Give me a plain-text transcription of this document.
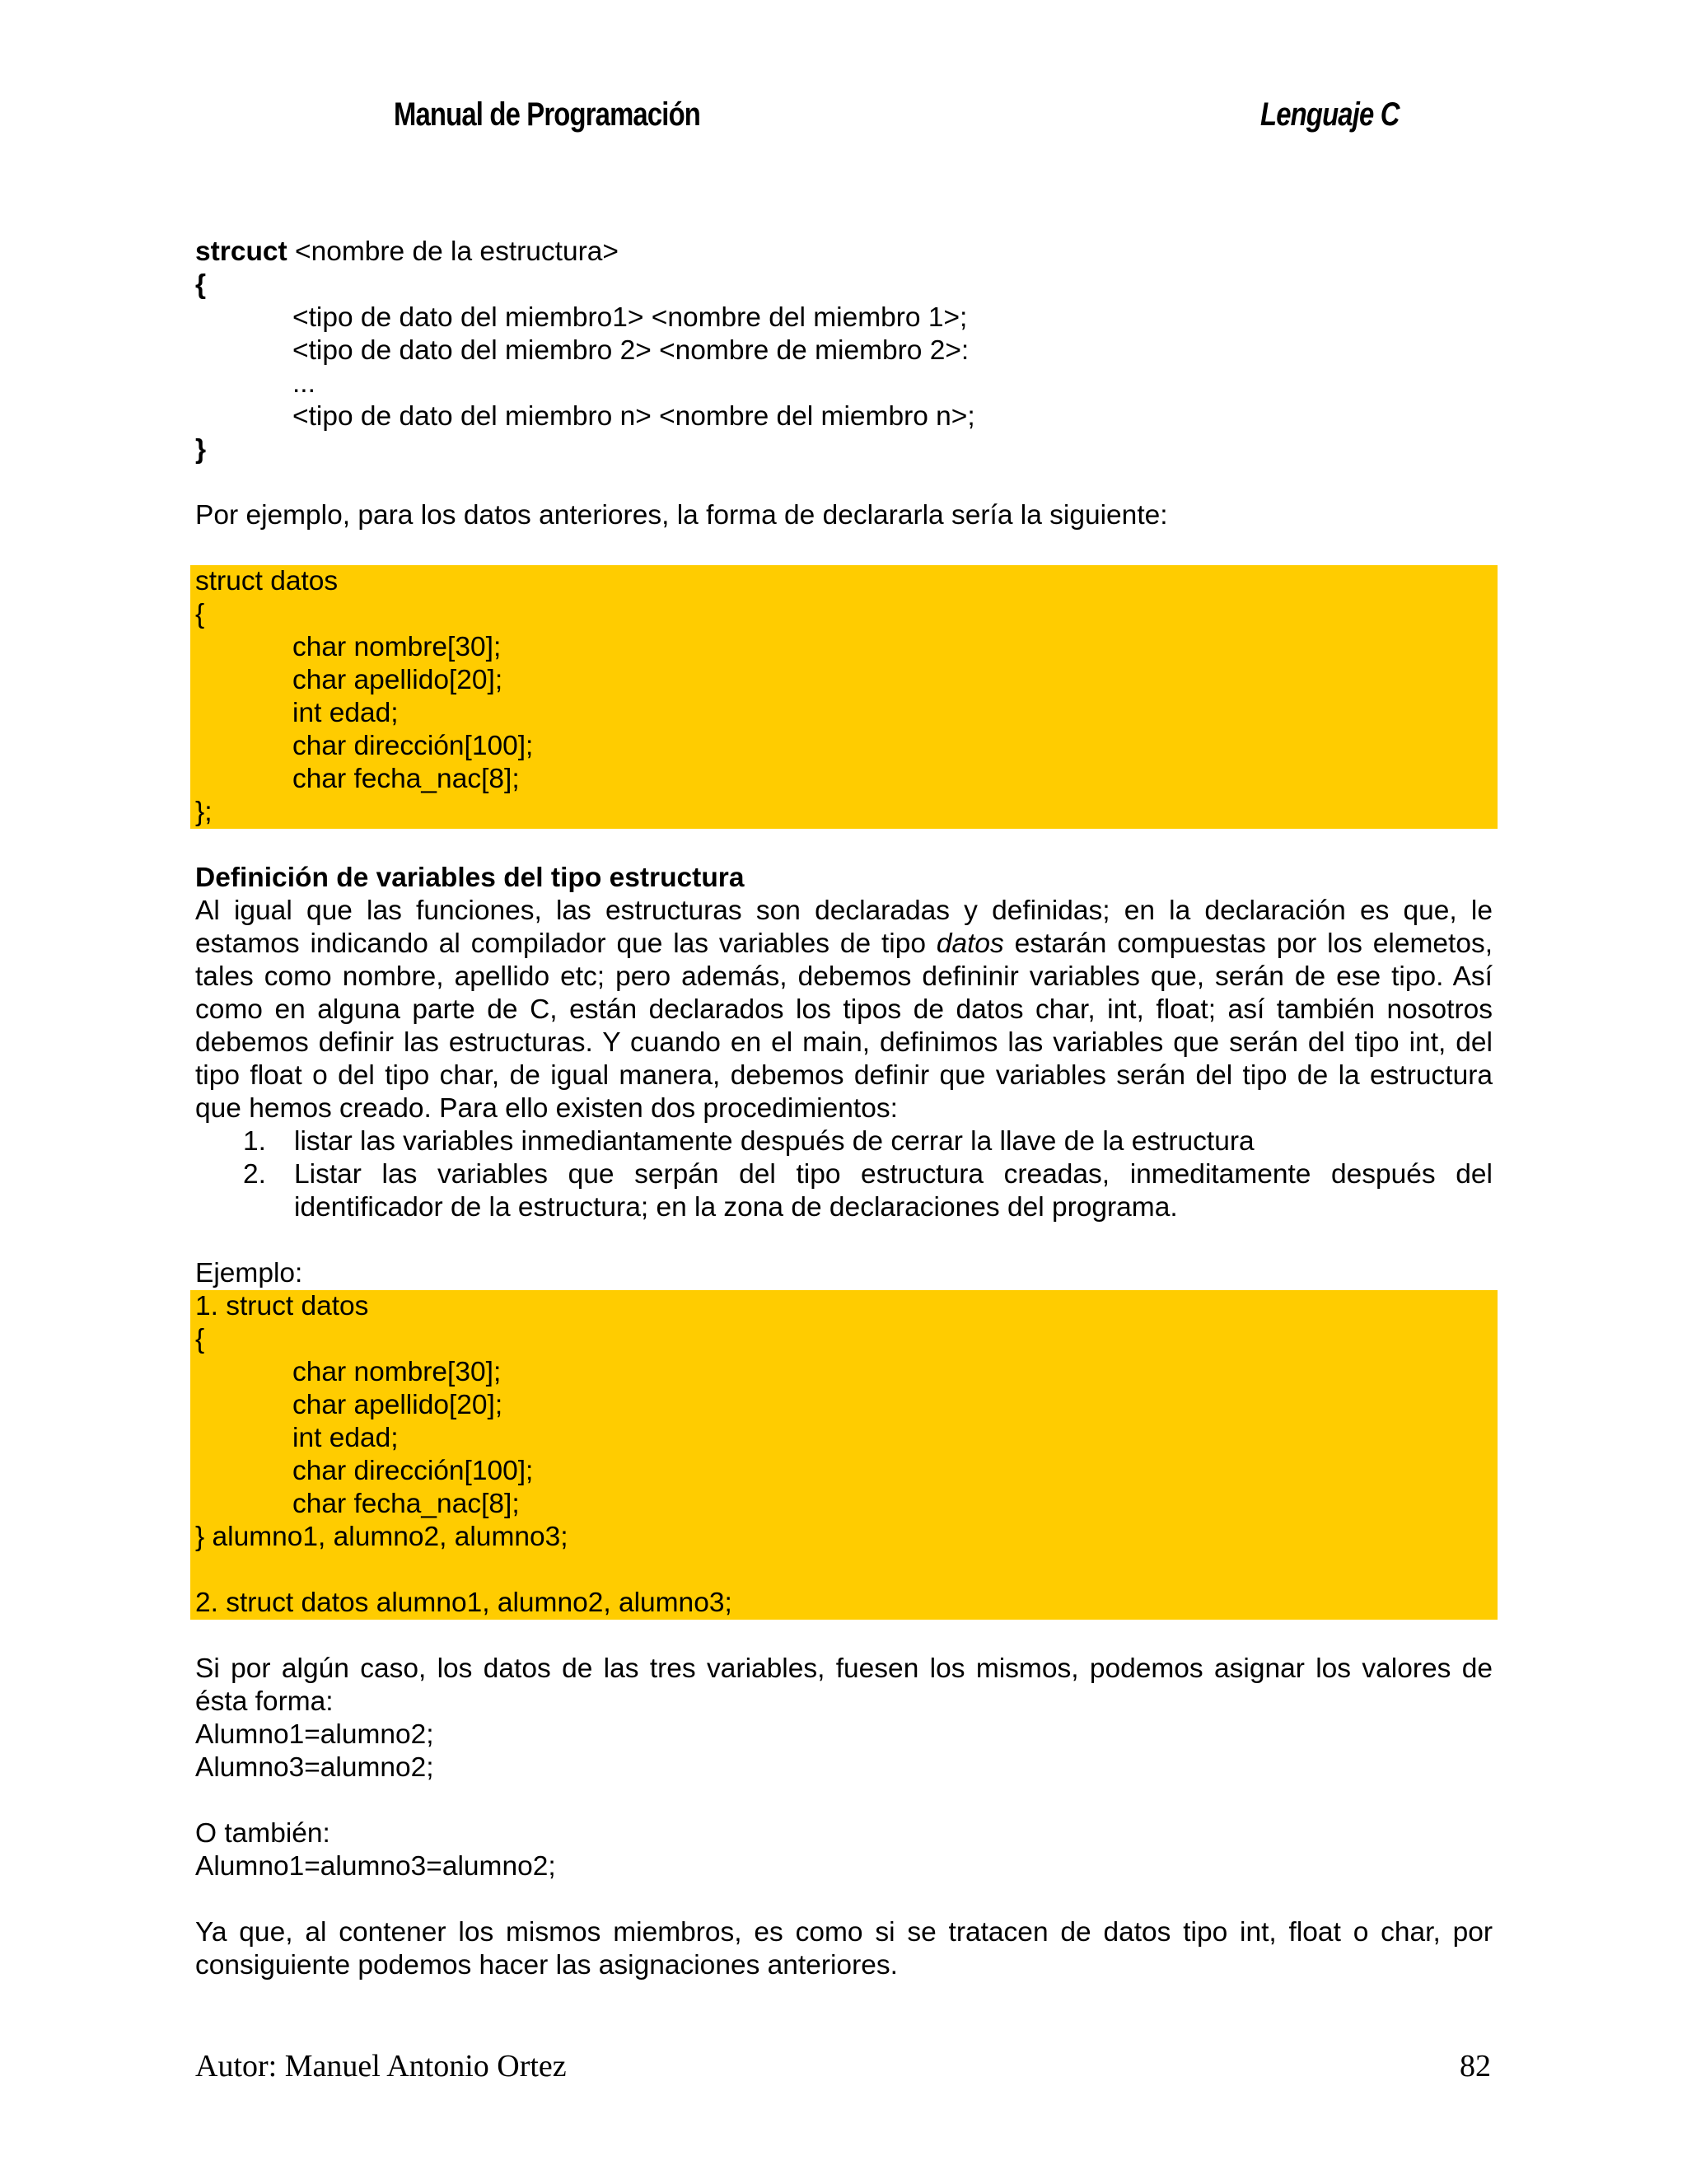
Manual de Programación	Lenguaje C
strcuct <nombre de la estructura>
{
<tipo de dato del miembro1> <nombre del miembro 1>;
<tipo de dato del miembro 2> <nombre de miembro 2>:
...
<tipo de dato del miembro n> <nombre del miembro n>;
}
Por ejemplo, para los datos anteriores, la forma de declararla sería la siguiente:
struct datos
{
char nombre[30];
char apellido[20];
int edad;
char dirección[100];
char fecha_nac[8];
};
Definición de variables del tipo estructura
Al igual que las funciones, las estructuras son declaradas y definidas; en la declaración es que, le estamos indicando al compilador que las variables de tipo datos estarán compuestas por los elemetos, tales como nombre, apellido etc; pero además, debemos defininir variables que, serán de ese tipo. Así como en alguna parte de C, están declarados los tipos de datos char, int, float; así también nosotros debemos definir las estructuras. Y cuando en el main, definimos las variables que serán del tipo int, del tipo float o del tipo char, de igual manera, debemos definir que variables serán del tipo de la estructura que hemos creado. Para ello existen dos procedimientos:
1. listar las variables inmediantamente después de cerrar la llave de la estructura
2. Listar las variables que serpán del tipo estructura creadas, inmeditamente después del identificador de la estructura; en la zona de declaraciones del programa.
Ejemplo:
1. struct datos
{
char nombre[30];
char apellido[20];
int edad;
char dirección[100];
char fecha_nac[8];
} alumno1, alumno2, alumno3;
2. struct datos alumno1, alumno2, alumno3;
Si por algún caso, los datos de las tres variables, fuesen los mismos, podemos asignar los valores de ésta forma:
Alumno1=alumno2;
Alumno3=alumno2;
O también:
Alumno1=alumno3=alumno2;
Ya que, al contener los mismos miembros, es como si se tratacen de datos tipo int, float o char, por consiguiente podemos hacer las asignaciones anteriores.
Autor: Manuel Antonio Ortez	82
